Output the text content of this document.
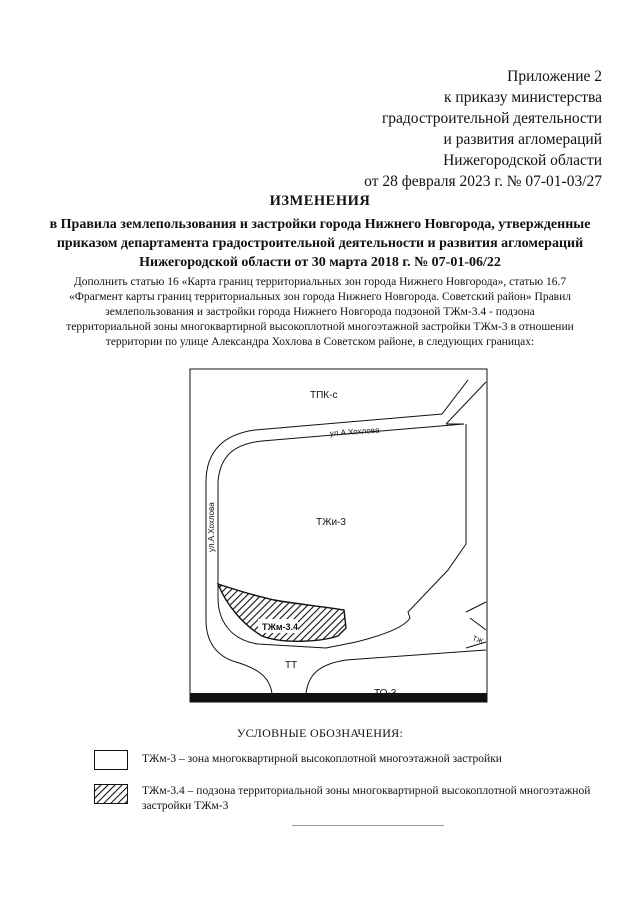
Приложение 2
к приказу министерства
градостроительной деятельности
и развития агломераций
Нижегородской области
от 28 февраля 2023 г. № 07-01-03/27
ИЗМЕНЕНИЯ
в Правила землепользования и застройки города Нижнего Новгорода, утвержденные
приказом департамента градостроительной деятельности и развития агломераций
Нижегородской области от 30 марта 2018 г. № 07-01-06/22
Дополнить статью 16 «Карта границ территориальных зон города Нижнего Новгорода», статью 16.7 «Фрагмент карты границ территориальных зон города Нижнего Новгорода. Советский район» Правил землепользования и застройки города Нижнего Новгорода подзоной ТЖм-3.4 - подзона территориальной зоны многоквартирной высокоплотной многоэтажной застройки ТЖм-3 в отношении территории по улице Александра Хохлова в Советском районе, в следующих границах:
ТПК-с
ул.А.Хохлова
ул.А.Хохлова	ТЖи-3
ТЖм-3.4
ТТ
ТО-3
ТЖ
УСЛОВНЫЕ ОБОЗНАЧЕНИЯ:
ТЖм-3 – зона многоквартирной высокоплотной многоэтажной застройки
ТЖм-3.4 – подзона территориальной зоны многоквартирной высокоплотной многоэтажной застройки ТЖм-3
